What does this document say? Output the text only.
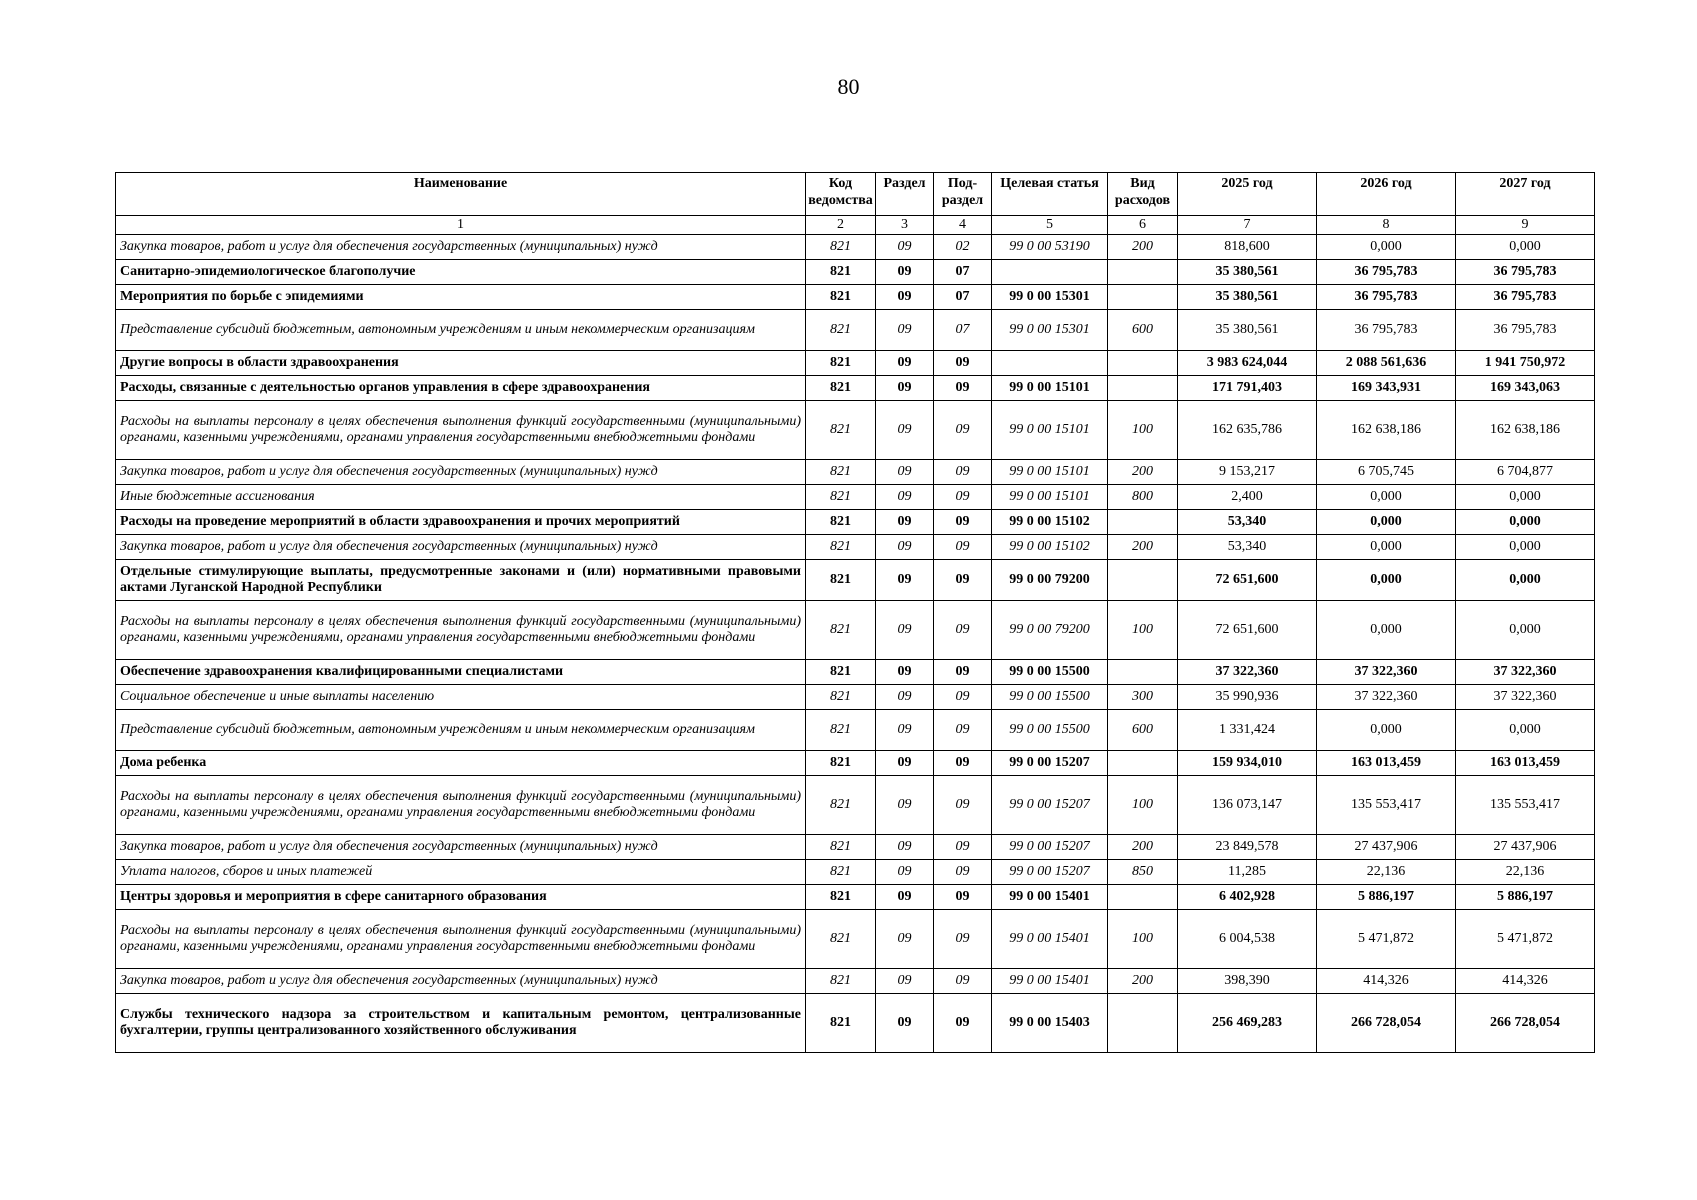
80
Наименование	Код ведомства	Раздел	Под-раздел	Целевая статья	Вид расходов	2025 год	2026 год	2027 год
1	2	3	4	5	6	7	8	9
Закупка товаров, работ и услуг для обеспечения государственных (муниципальных) нужд	821	09	02	99 0 00 53190	200	818,600	0,000	0,000
Санитарно-эпидемиологическое благополучие	821	09	07			35 380,561	36 795,783	36 795,783
Мероприятия по борьбе с эпидемиями	821	09	07	99 0 00 15301		35 380,561	36 795,783	36 795,783
Представление субсидий бюджетным, автономным учреждениям и иным некоммерческим организациям	821	09	07	99 0 00 15301	600	35 380,561	36 795,783	36 795,783
Другие вопросы в области здравоохранения	821	09	09			3 983 624,044	2 088 561,636	1 941 750,972
Расходы, связанные с деятельностью органов управления в сфере здравоохранения	821	09	09	99 0 00 15101		171 791,403	169 343,931	169 343,063
Расходы на выплаты персоналу в целях обеспечения выполнения функций государственными (муниципальными) органами, казенными учреждениями, органами управления государственными внебюджетными фондами	821	09	09	99 0 00 15101	100	162 635,786	162 638,186	162 638,186
Закупка товаров, работ и услуг для обеспечения государственных (муниципальных) нужд	821	09	09	99 0 00 15101	200	9 153,217	6 705,745	6 704,877
Иные бюджетные ассигнования	821	09	09	99 0 00 15101	800	2,400	0,000	0,000
Расходы на проведение мероприятий в области здравоохранения и прочих мероприятий	821	09	09	99 0 00 15102		53,340	0,000	0,000
Закупка товаров, работ и услуг для обеспечения государственных (муниципальных) нужд	821	09	09	99 0 00 15102	200	53,340	0,000	0,000
Отдельные стимулирующие выплаты, предусмотренные законами и (или) нормативными правовыми актами Луганской Народной Республики	821	09	09	99 0 00 79200		72 651,600	0,000	0,000
Расходы на выплаты персоналу в целях обеспечения выполнения функций государственными (муниципальными) органами, казенными учреждениями, органами управления государственными внебюджетными фондами	821	09	09	99 0 00 79200	100	72 651,600	0,000	0,000
Обеспечение здравоохранения квалифицированными специалистами	821	09	09	99 0 00 15500		37 322,360	37 322,360	37 322,360
Социальное обеспечение и иные выплаты населению	821	09	09	99 0 00 15500	300	35 990,936	37 322,360	37 322,360
Представление субсидий бюджетным, автономным учреждениям и иным некоммерческим организациям	821	09	09	99 0 00 15500	600	1 331,424	0,000	0,000
Дома ребенка	821	09	09	99 0 00 15207		159 934,010	163 013,459	163 013,459
Расходы на выплаты персоналу в целях обеспечения выполнения функций государственными (муниципальными) органами, казенными учреждениями, органами управления государственными внебюджетными фондами	821	09	09	99 0 00 15207	100	136 073,147	135 553,417	135 553,417
Закупка товаров, работ и услуг для обеспечения государственных (муниципальных) нужд	821	09	09	99 0 00 15207	200	23 849,578	27 437,906	27 437,906
Уплата налогов, сборов и иных платежей	821	09	09	99 0 00 15207	850	11,285	22,136	22,136
Центры здоровья и мероприятия в сфере санитарного образования	821	09	09	99 0 00 15401		6 402,928	5 886,197	5 886,197
Расходы на выплаты персоналу в целях обеспечения выполнения функций государственными (муниципальными) органами, казенными учреждениями, органами управления государственными внебюджетными фондами	821	09	09	99 0 00 15401	100	6 004,538	5 471,872	5 471,872
Закупка товаров, работ и услуг для обеспечения государственных (муниципальных) нужд	821	09	09	99 0 00 15401	200	398,390	414,326	414,326
Службы технического надзора за строительством и капитальным ремонтом, централизованные бухгалтерии, группы централизованного хозяйственного обслуживания	821	09	09	99 0 00 15403		256 469,283	266 728,054	266 728,054
